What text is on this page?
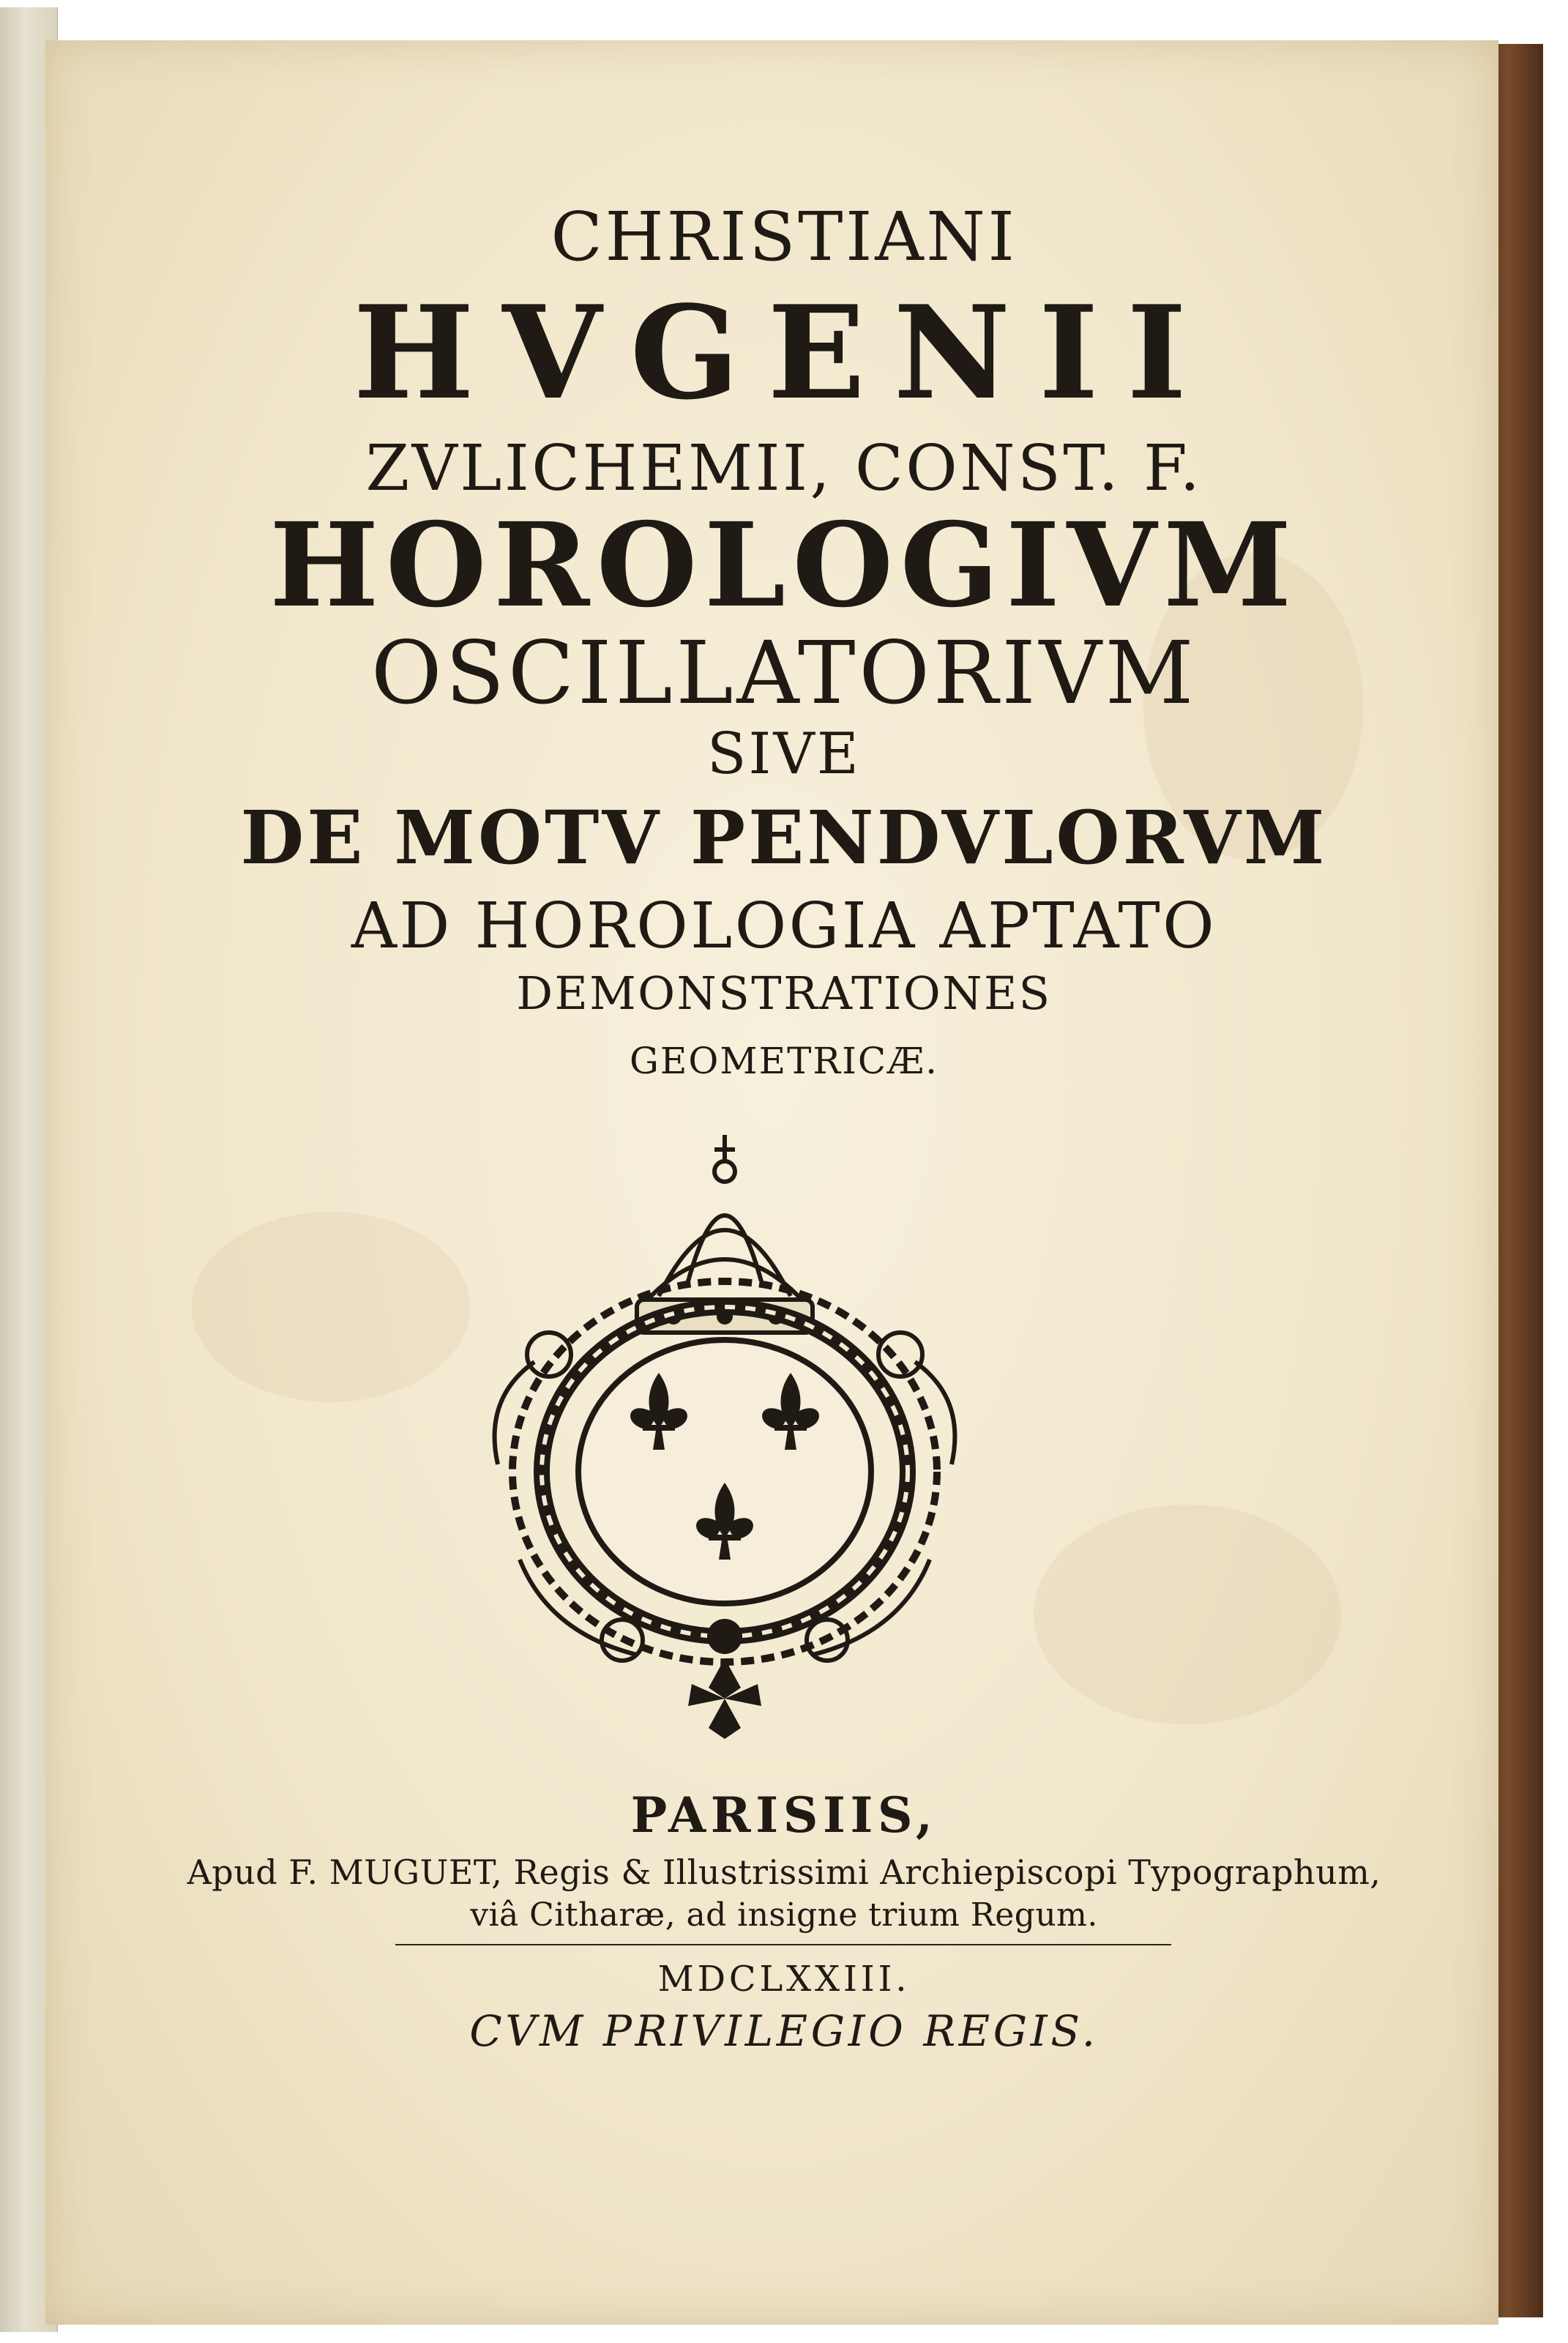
CHRISTIANI
HVGENII
ZVLICHEMII, CONST. F.
HOROLOGIVM
OSCILLATORIVM
SIVE
DE MOTV PENDVLORVM
AD HOROLOGIA APTATO
DEMONSTRATIONES
GEOMETRICÆ.
PARISIIS,
Apud F. MUGUET, Regis & Illustrissimi Archiepiscopi Typographum,
viâ Citharæ, ad insigne trium Regum.
MDCLXXIII.
CVM PRIVILEGIO REGIS.
